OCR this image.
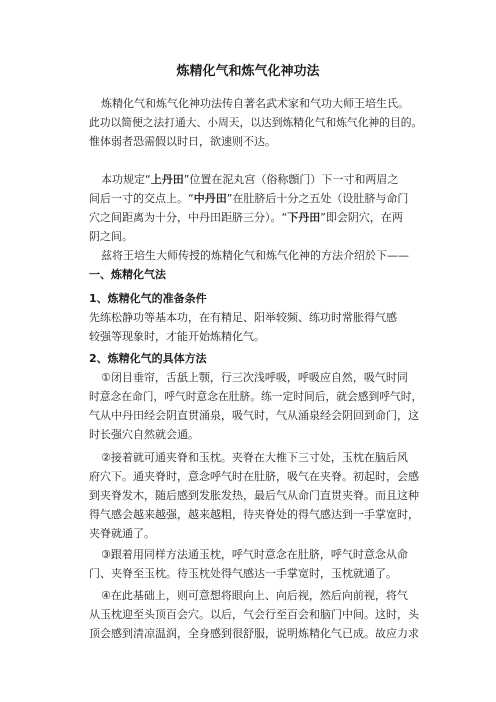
炼精化气和炼气化神功法
炼精化气和炼气化神功法传自著名武术家和气功大师王培生氏。
此功以简便之法打通大、小周天，以达到炼精化气和炼气化神的目的。
惟体弱者恐需假以时日，欲速则不达。
本功规定“上丹田”位置在泥丸宫（俗称顖门）下一寸和两眉之
间后一寸的交点上。“中丹田”在肚脐后十分之五处（设肚脐与命门
穴之间距离为十分，中丹田距脐三分）。“下丹田”即会阴穴，在两
阴之间。
兹将王培生大师传授的炼精化气和炼气化神的方法介绍於下——
一、炼精化气法
1、炼精化气的准备条件
先练松静功等基本功，在有精足、阳举较频、练功时常胀得气感
较强等现象时，才能开始炼精化气。
2、炼精化气的具体方法
①闭目垂帘，舌舐上颚，行三次浅呼吸，呼吸应自然，吸气时同
时意念在命门，呼气时意念在肚脐。练一定时间后，就会感到呼气时，
气从中丹田经会阴直贯涌泉，吸气时，气从涌泉经会阴回到命门，这
时长强穴自然就会通。
②接着就可通夹脊和玉枕。夹脊在大椎下三寸处，玉枕在脑后风
府穴下。通夹脊时，意念呼气时在肚脐，吸气在夹脊。初起时，会感
到夹脊发木，随后感到发胀发热，最后气从命门直贯夹脊。而且这种
得气感会越来越强，越来越粗，待夹脊处的得气感达到一手掌宽时，
夹脊就通了。
③跟着用同样方法通玉枕，呼气时意念在肚脐，呼气时意念从命
门、夹脊至玉枕。待玉枕处得气感达一手掌宽时，玉枕就通了。
④在此基础上，则可意想将眼向上、向后视，然后向前视，将气
从玉枕迎至头顶百会穴。以后，气会行至百会和脑门中间。这时，头
顶会感到清凉温润，全身感到很舒服，说明炼精化气已成。故应力求
